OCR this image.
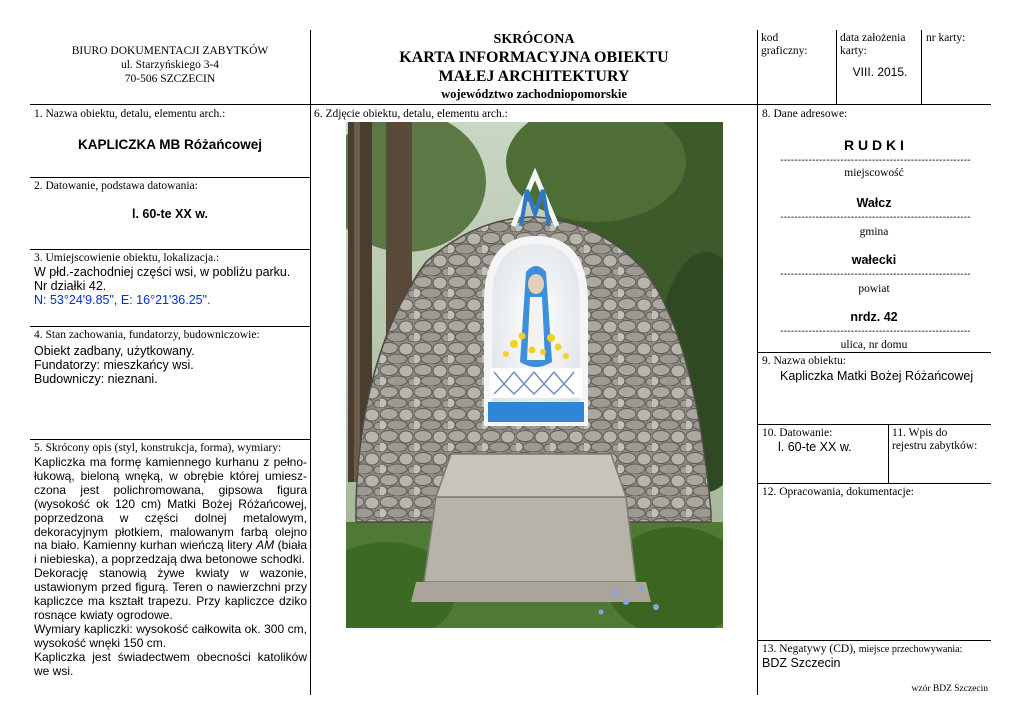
BIURO DOKUMENTACJI ZABYTKÓW
ul. Starzyńskiego 3-4
70-506 SZCZECIN
SKRÓCONA
KARTA INFORMACYJNA OBIEKTU
MAŁEJ ARCHITEKTURY
województwo zachodniopomorskie
kod
graficzny:
data założenia
karty:
VIII. 2015.
nr karty:
1. Nazwa obiektu, detalu, elementu arch.:
KAPLICZKA MB Różańcowej
2. Datowanie, podstawa datowania:
l. 60-te XX w.
3. Umiejscowienie obiektu, lokalizacja.:
W płd.-zachodniej części wsi, w pobliżu parku.
Nr działki 42.
N: 53°24'9.85", E: 16°21'36.25".
4. Stan zachowania, fundatorzy, budowniczowie:
Obiekt zadbany, użytkowany.
Fundatorzy: mieszkańcy wsi.
Budowniczy: nieznani.
5. Skrócony opis (styl, konstrukcja, forma), wymiary:

Kapliczka ma formę kamiennego kurhanu z pełno-łukową, bieloną wnęką, w obrębie której umiesz-czona jest polichromowana, gipsowa figura (wysokość ok 120 cm) Matki Bożej Różańcowej, poprzedzona w części dolnej metalowym, dekoracyjnym płotkiem, malowanym farbą olejno na biało. Kamienny kurhan wieńczą litery AM (biała i niebieska), a poprzedzają dwa betonowe schodki.

Dekorację stanowią żywe kwiaty w wazonie, ustawionym przed figurą. Teren o nawierzchni przy kapliczce ma kształt trapezu. Przy kapliczce dziko rosnące kwiaty ogrodowe.

Wymiary kapliczki: wysokość całkowita ok. 300 cm, wysokość wnęki 150 cm.

Kapliczka jest świadectwem obecności katolików we wsi.

6. Zdjęcie obiektu, detalu, elementu arch.:	8. Dane adresowe:
R U D K I
------------------------------------------------------
miejscowość
Wałcz
------------------------------------------------------
gmina
wałecki
------------------------------------------------------
powiat
nrdz. 42
------------------------------------------------------
ulica, nr domu
9. Nazwa obiektu:
Kapliczka Matki Bożej Różańcowej
10. Datowanie:
l. 60-te XX w.
11. Wpis do
rejestru zabytków:
12. Opracowania, dokumentacje:
13. Negatywy (CD), miejsce przechowywania:
BDZ Szczecin
wzór BDZ Szczecin
